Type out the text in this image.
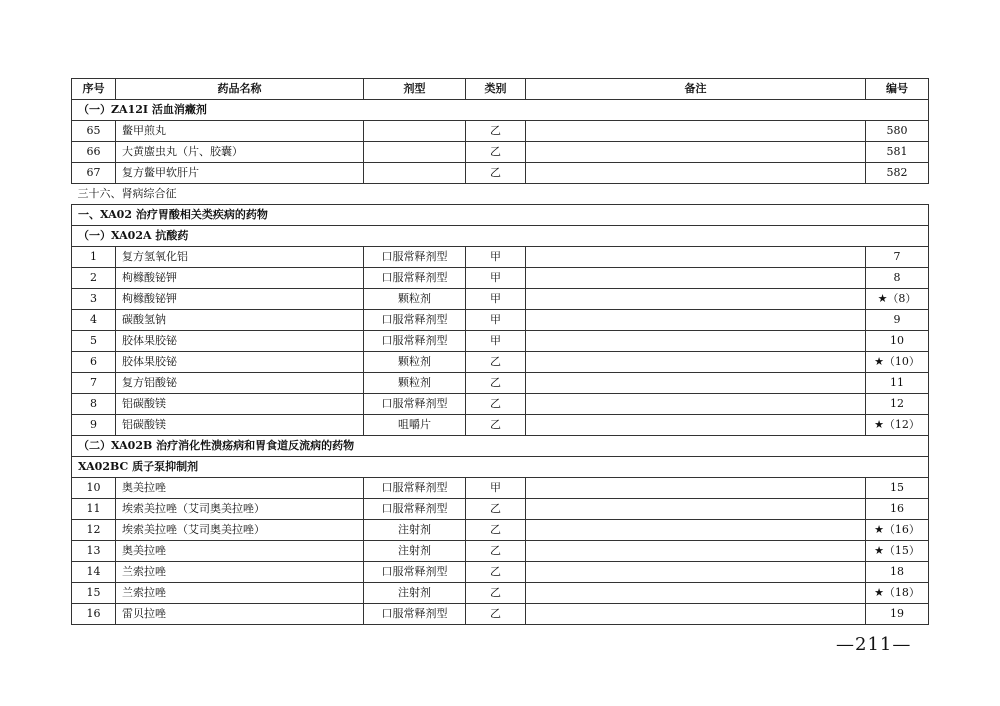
序号	药品名称	剂型	类别	备注	编号
（一）ZA12I 活血消癥剂					
65	鳖甲煎丸		乙		580
66	大黄䗪虫丸（片、胶囊）		乙		581
67	复方鳖甲软肝片		乙		582
三十六、肾病综合征					
一、XA02 治疗胃酸相关类疾病的药物					
（一）XA02A 抗酸药					
1	复方氢氧化铝	口服常释剂型	甲		7
2	枸橼酸铋钾	口服常释剂型	甲		8
3	枸橼酸铋钾	颗粒剂	甲		★（8）
4	碳酸氢钠	口服常释剂型	甲		9
5	胶体果胶铋	口服常释剂型	甲		10
6	胶体果胶铋	颗粒剂	乙		★（10）
7	复方铝酸铋	颗粒剂	乙		11
8	铝碳酸镁	口服常释剂型	乙		12
9	铝碳酸镁	咀嚼片	乙		★（12）
（二）XA02B 治疗消化性溃疡病和胃食道反流病的药物					
XA02BC 质子泵抑制剂					
10	奥美拉唑	口服常释剂型	甲		15
11	埃索美拉唑（艾司奥美拉唑）	口服常释剂型	乙		16
12	埃索美拉唑（艾司奥美拉唑）	注射剂	乙		★（16）
13	奥美拉唑	注射剂	乙		★（15）
14	兰索拉唑	口服常释剂型	乙		18
15	兰索拉唑	注射剂	乙		★（18）
16	雷贝拉唑	口服常释剂型	乙		19
—211—
